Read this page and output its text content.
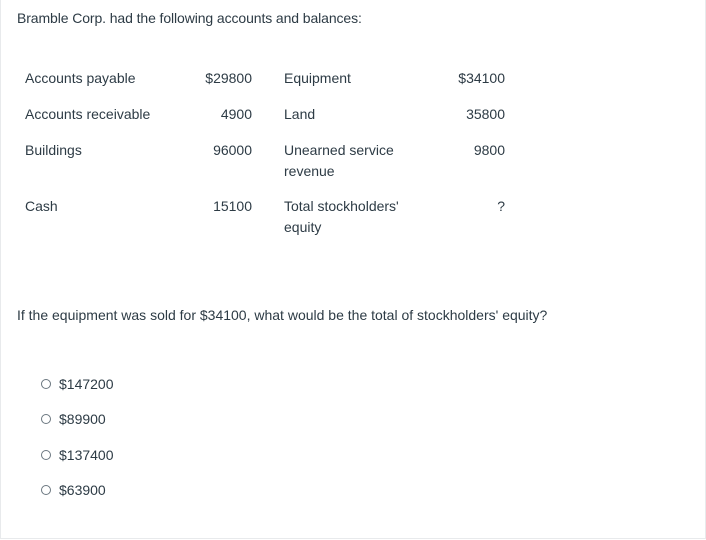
Bramble Corp. had the following accounts and balances:
Accounts payable	$29800	Equipment	$34100
Accounts receivable	4900	Land	35800
Buildings	96000	Unearned service revenue	9800
Cash	15100	Total stockholders' equity	?
If the equipment was sold for $34100, what would be the total of stockholders' equity?
$147200
$89900
$137400
$63900
